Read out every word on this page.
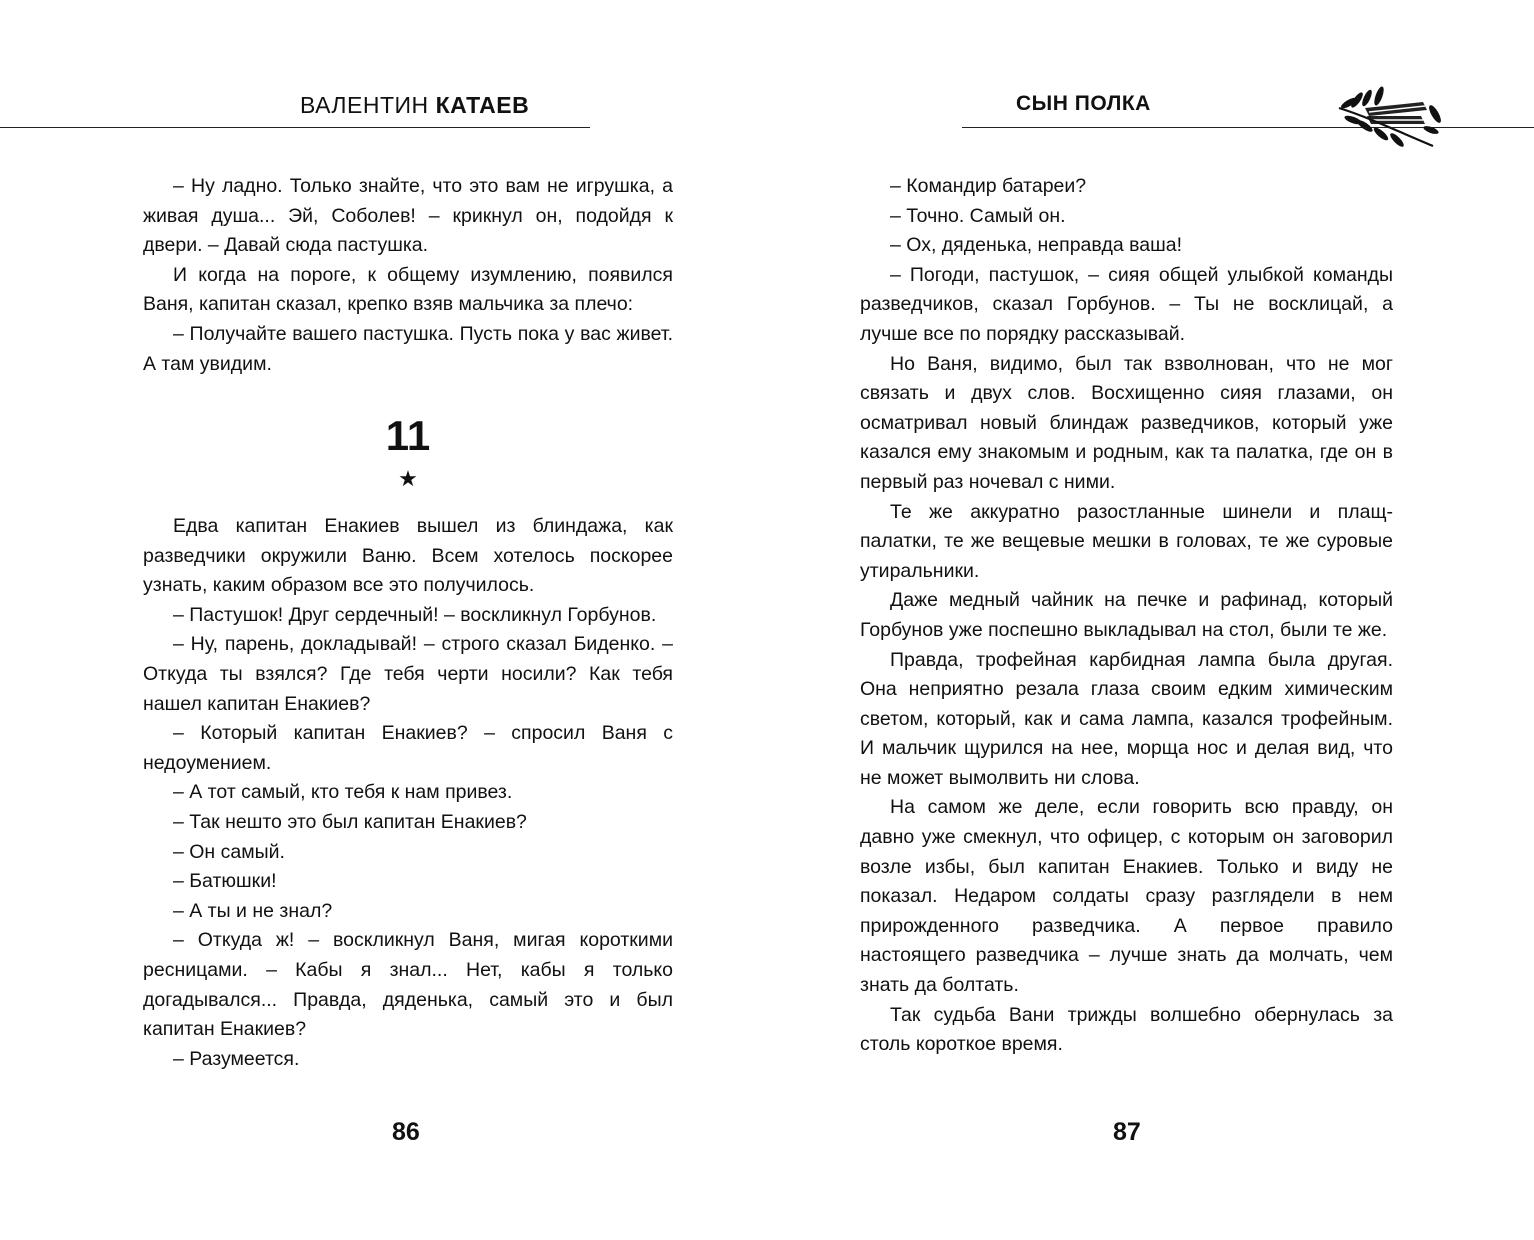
ВАЛЕНТИН КАТАЕВ

– Ну ладно. Только знайте, что это вам не игрушка, а живая душа... Эй, Соболев! – крикнул он, подойдя к двери. – Давай сюда пастушка.

И когда на пороге, к общему изумлению, появился Ваня, капитан сказал, крепко взяв мальчика за плечо:

– Получайте вашего пастушка. Пусть пока у вас живет. А там увидим.

11
★

Едва капитан Енакиев вышел из блиндажа, как разведчики окружили Ваню. Всем хотелось поскорее узнать, каким образом все это получилось.

– Пастушок! Друг сердечный! – воскликнул Горбунов.

– Ну, парень, докладывай! – строго сказал Биденко. – Откуда ты взялся? Где тебя черти носили? Как тебя нашел капитан Енакиев?

– Который капитан Енакиев? – спросил Ваня с недоумением.

– А тот самый, кто тебя к нам привез.

– Так нешто это был капитан Енакиев?

– Он самый.

– Батюшки!

– А ты и не знал?

– Откуда ж! – воскликнул Ваня, мигая короткими ресницами. – Кабы я знал... Нет, кабы я только догадывался... Правда, дяденька, самый это и был капитан Енакиев?

– Разумеется.

86
СЫН ПОЛКА

– Командир батареи?

– Точно. Самый он.

– Ох, дяденька, неправда ваша!

– Погоди, пастушок, – сияя общей улыбкой команды разведчиков, сказал Горбунов. – Ты не восклицай, а лучше все по порядку рассказывай.

Но Ваня, видимо, был так взволнован, что не мог связать и двух слов. Восхищенно сияя глазами, он осматривал новый блиндаж разведчиков, который уже казался ему знакомым и родным, как та палатка, где он в первый раз ночевал с ними.

Те же аккуратно разостланные шинели и плащ-палатки, те же вещевые мешки в головах, те же суровые утиральники.

Даже медный чайник на печке и рафинад, который Горбунов уже поспешно выкладывал на стол, были те же.

Правда, трофейная карбидная лампа была другая. Она неприятно резала глаза своим едким химическим светом, который, как и сама лампа, казался трофейным. И мальчик щурился на нее, морща нос и делая вид, что не может вымолвить ни слова.

На самом же деле, если говорить всю правду, он давно уже смекнул, что офицер, с которым он заговорил возле избы, был капитан Енакиев. Только и виду не показал. Недаром солдаты сразу разглядели в нем прирожденного разведчика. А первое правило настоящего разведчика – лучше знать да молчать, чем знать да болтать.

Так судьба Вани трижды волшебно обернулась за столь короткое время.

87
